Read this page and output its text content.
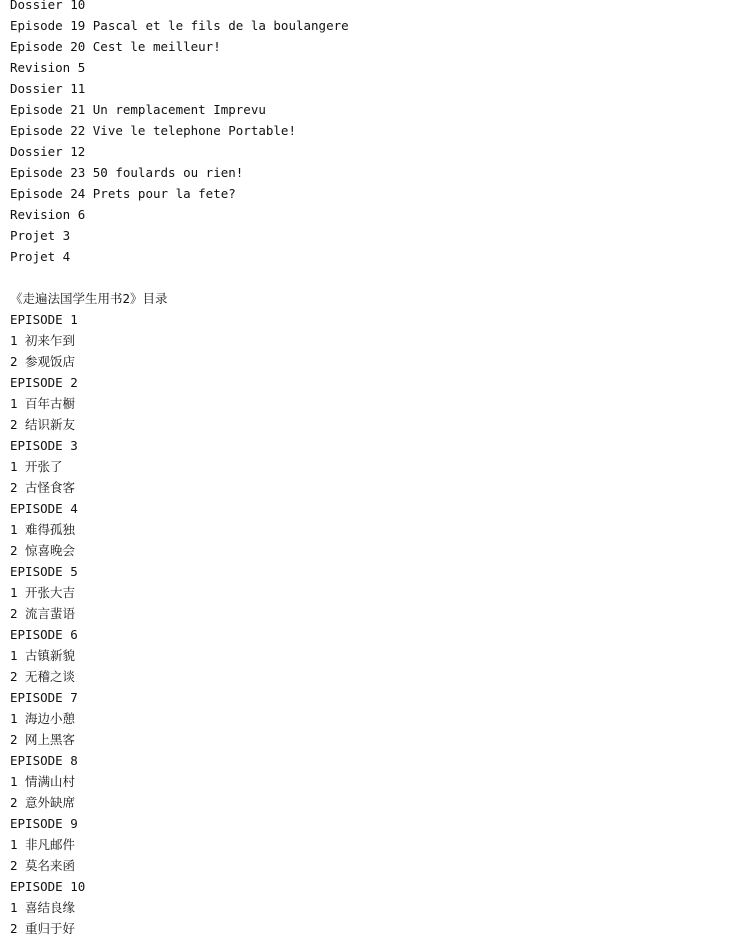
Dossier 10
Episode 19 Pascal et le fils de la boulangere
Episode 20 Cest le meilleur!
Revision 5
Dossier 11
Episode 21 Un remplacement Imprevu
Episode 22 Vive le telephone Portable!
Dossier 12
Episode 23 50 foulards ou rien!
Episode 24 Prets pour la fete?
Revision 6
Projet 3
Projet 4
《走遍法国学生用书2》目录
EPISODE 1
1 初来乍到
2 参观饭店
EPISODE 2
1 百年古橱
2 结识新友
EPISODE 3
1 开张了
2 古怪食客
EPISODE 4
1 难得孤独
2 惊喜晚会
EPISODE 5
1 开张大吉
2 流言蜚语
EPISODE 6
1 古镇新貌
2 无稽之谈
EPISODE 7
1 海边小憩
2 网上黑客
EPISODE 8
1 情满山村
2 意外缺席
EPISODE 9
1 非凡邮件
2 莫名来函
EPISODE 10
1 喜结良缘
2 重归于好
